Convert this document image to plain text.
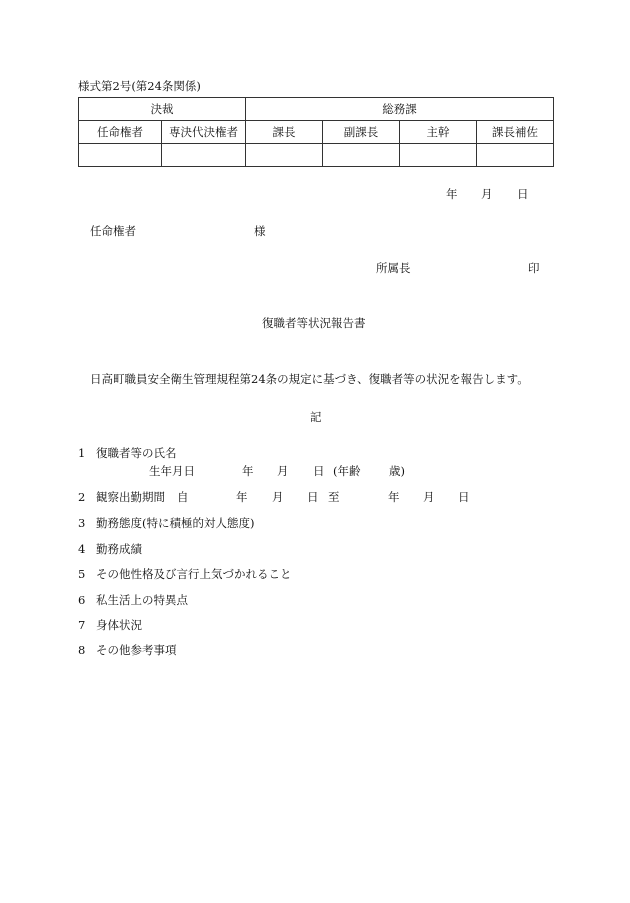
様式第2号(第24条関係)
決裁		総務課			
任命権者	専決代決権者	課長	副課長	主幹	課長補佐

年 月 日
任命権者	様
所属長	印
復職者等状況報告書
日高町職員安全衛生管理規程第24条の規定に基づき、復職者等の状況を報告します。
記
1 復職者等の氏名
生年月日	年 月 日 (年齢 歳)
2 観察出勤期間 自	年 月 日 至	年 月 日
3 勤務態度(特に積極的対人態度)
4 勤務成績
5 その他性格及び言行上気づかれること
6 私生活上の特異点
7 身体状況
8 その他参考事項
